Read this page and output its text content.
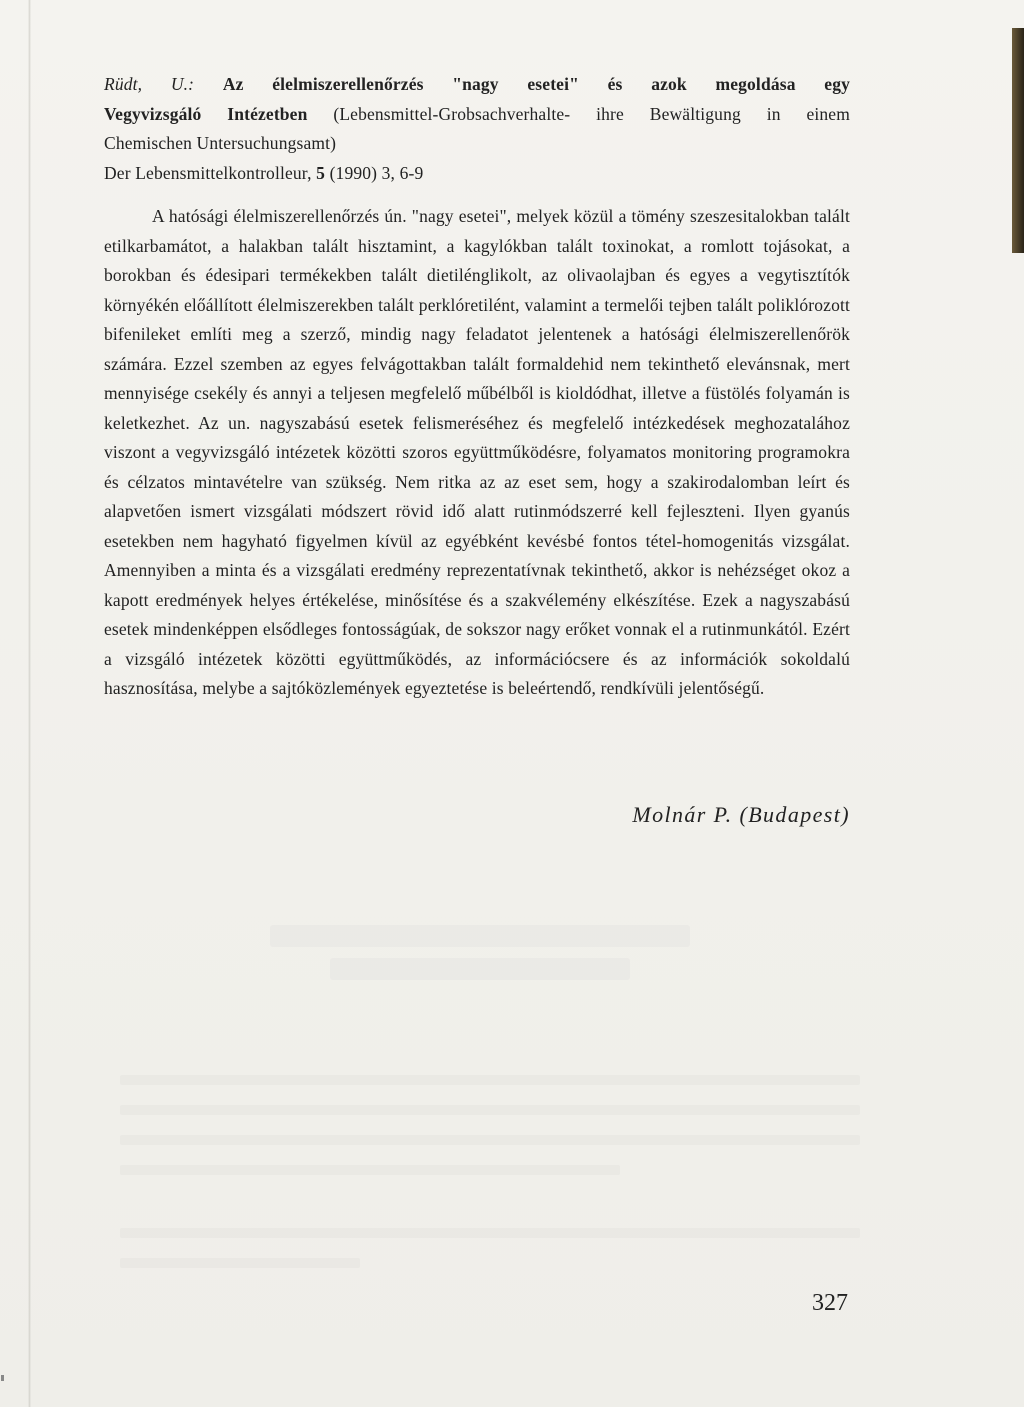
Rüdt, U.: Az élelmiszerellenőrzés "nagy esetei" és azok megoldása egy
Vegyvizsgáló Intézetben (Lebensmittel-Grobsachverhalte- ihre Bewältigung in einem
Chemischen Untersuchungsamt)

Der Lebensmittelkontrolleur, 5 (1990) 3, 6-9

A hatósági élelmiszerellenőrzés ún. "nagy esetei", melyek közül a tömény szeszesitalokban talált etilkarbamátot, a halakban talált hisztamint, a kagylókban talált toxinokat, a romlott tojásokat, a borokban és édesipari termékekben talált dietilénglikolt, az olivaolajban és egyes a vegytisztítók környékén előállított élelmiszerekben talált perklóretilént, valamint a termelői tejben talált poliklórozott bifenileket említi meg a szerző, mindig nagy feladatot jelentenek a hatósági élelmiszerellenőrök számára. Ezzel szemben az egyes felvágottakban talált formaldehid nem tekinthető elevánsnak, mert mennyisége csekély és annyi a teljesen megfelelő műbélből is kioldódhat, illetve a füstölés folyamán is keletkezhet. Az un. nagyszabású esetek felismeréséhez és megfelelő intézkedések meghozatalához viszont a vegyvizsgáló intézetek közötti szoros együttműködésre, folyamatos monitoring programokra és célzatos mintavételre van szükség. Nem ritka az az eset sem, hogy a szakirodalomban leírt és alapvetően ismert vizsgálati módszert rövid idő alatt rutinmódszerré kell fejleszteni. Ilyen gyanús esetekben nem hagyható figyelmen kívül az egyébként kevésbé fontos tétel-homogenitás vizsgálat. Amennyiben a minta és a vizsgálati eredmény reprezentatívnak tekinthető, akkor is nehézséget okoz a kapott eredmények helyes értékelése, minősítése és a szakvélemény elkészítése. Ezek a nagyszabású esetek mindenképpen elsődleges fontosságúak, de sokszor nagy erőket vonnak el a rutinmunkától. Ezért a vizsgáló intézetek közötti együttműködés, az információcsere és az információk sokoldalú hasznosítása, melybe a sajtóközlemények egyeztetése is beleértendő, rendkívüli jelentőségű.

Molnár P. (Budapest)
327
